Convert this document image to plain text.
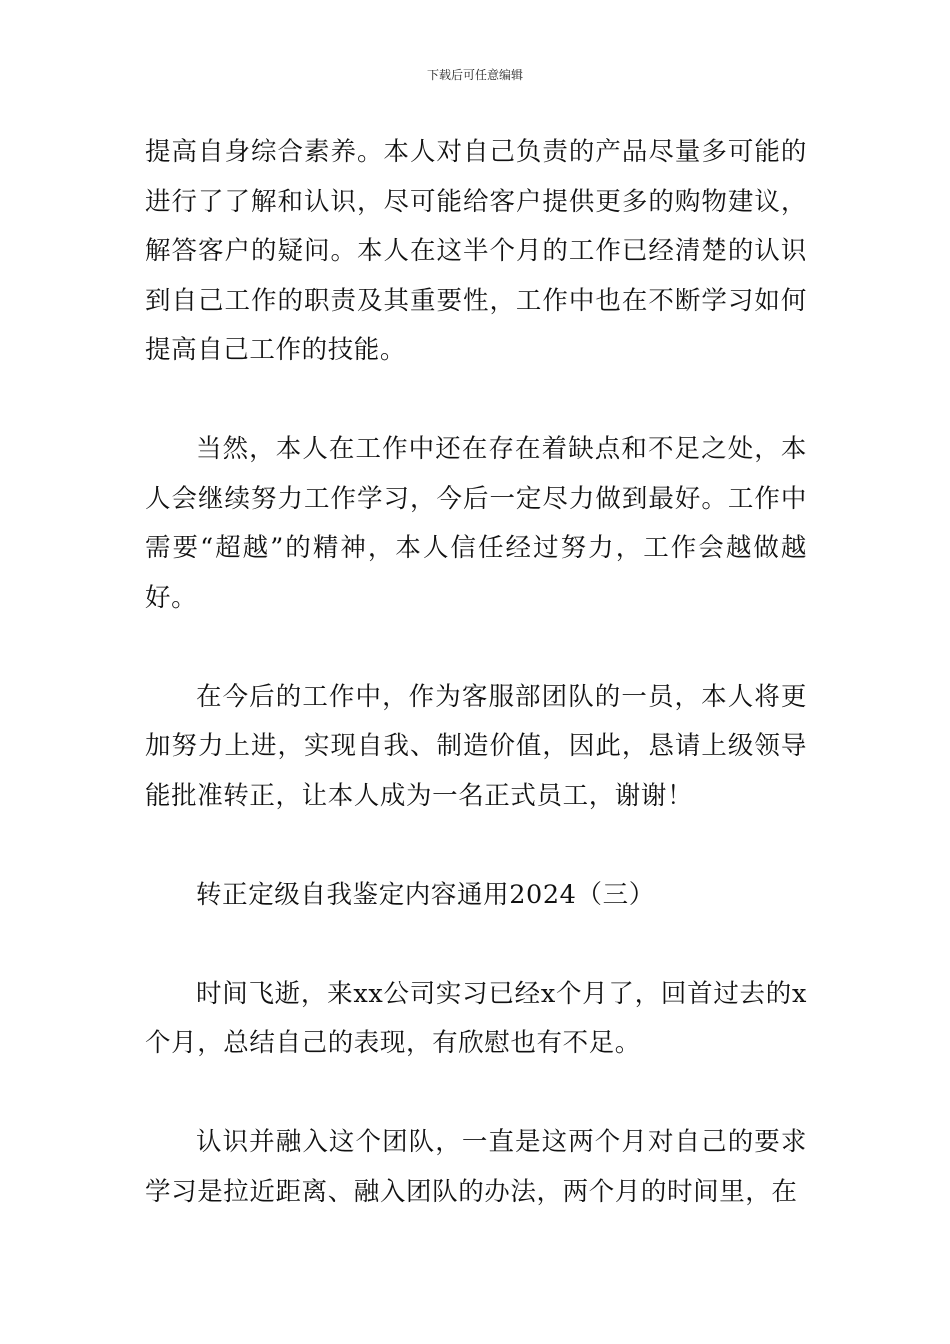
下载后可任意编辑

提高自身综合素养。本人对自己负责的产品尽量多可能的进行了了解和认识，尽可能给客户提供更多的购物建议，解答客户的疑问。本人在这半个月的工作已经清楚的认识到自己工作的职责及其重要性，工作中也在不断学习如何提高自己工作的技能。

当然，本人在工作中还在存在着缺点和不足之处，本人会继续努力工作学习，今后一定尽力做到最好。工作中需要“超越”的精神，本人信任经过努力，工作会越做越好。

在今后的工作中，作为客服部团队的一员，本人将更加努力上进，实现自我、制造价值，因此，恳请上级领导能批准转正，让本人成为一名正式员工，谢谢！

转正定级自我鉴定内容通用2024（三）

时间飞逝，来xx公司实习已经x个月了，回首过去的x个月，总结自己的表现，有欣慰也有不足。

认识并融入这个团队，一直是这两个月对自己的要求学习是拉近距离、融入团队的办法，两个月的时间里，在
